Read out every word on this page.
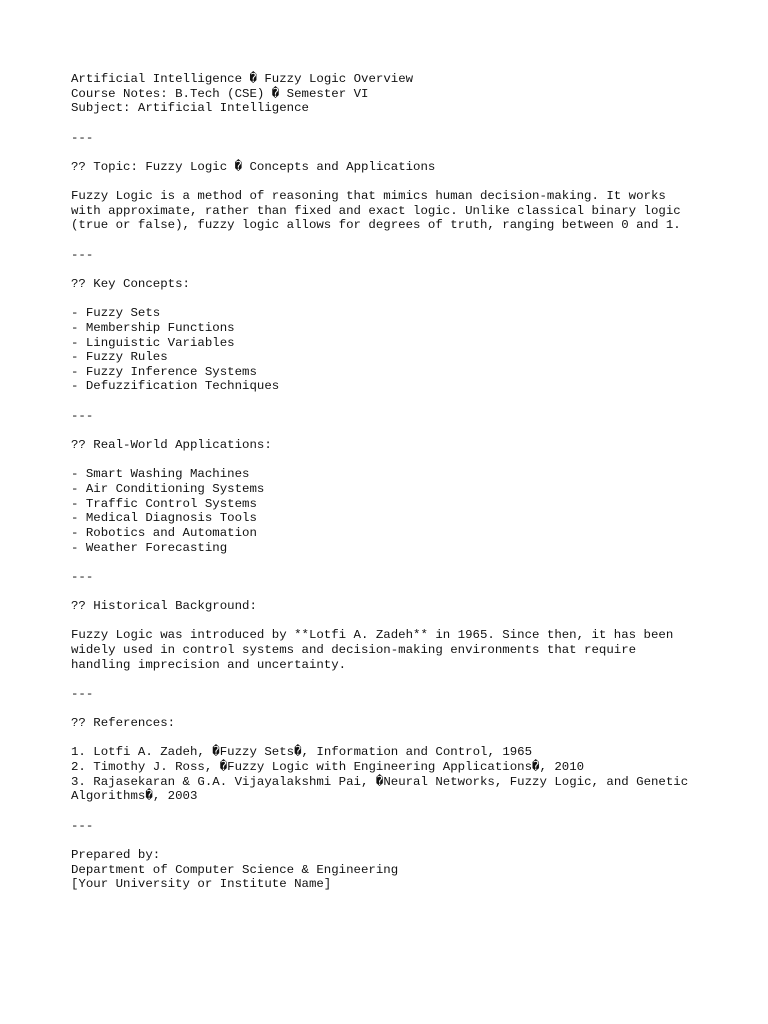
Artificial Intelligence � Fuzzy Logic Overview
Course Notes: B.Tech (CSE) � Semester VI
Subject: Artificial Intelligence
---
?? Topic: Fuzzy Logic � Concepts and Applications
Fuzzy Logic is a method of reasoning that mimics human decision-making. It works
with approximate, rather than fixed and exact logic. Unlike classical binary logic
(true or false), fuzzy logic allows for degrees of truth, ranging between 0 and 1.
---
?? Key Concepts:
- Fuzzy Sets
- Membership Functions
- Linguistic Variables
- Fuzzy Rules
- Fuzzy Inference Systems
- Defuzzification Techniques
---
?? Real-World Applications:
- Smart Washing Machines
- Air Conditioning Systems
- Traffic Control Systems
- Medical Diagnosis Tools
- Robotics and Automation
- Weather Forecasting
---
?? Historical Background:
Fuzzy Logic was introduced by **Lotfi A. Zadeh** in 1965. Since then, it has been
widely used in control systems and decision-making environments that require
handling imprecision and uncertainty.
---
?? References:
1. Lotfi A. Zadeh, �Fuzzy Sets�, Information and Control, 1965
2. Timothy J. Ross, �Fuzzy Logic with Engineering Applications�, 2010
3. Rajasekaran & G.A. Vijayalakshmi Pai, �Neural Networks, Fuzzy Logic, and Genetic
Algorithms�, 2003
---
Prepared by:
Department of Computer Science & Engineering
[Your University or Institute Name]
